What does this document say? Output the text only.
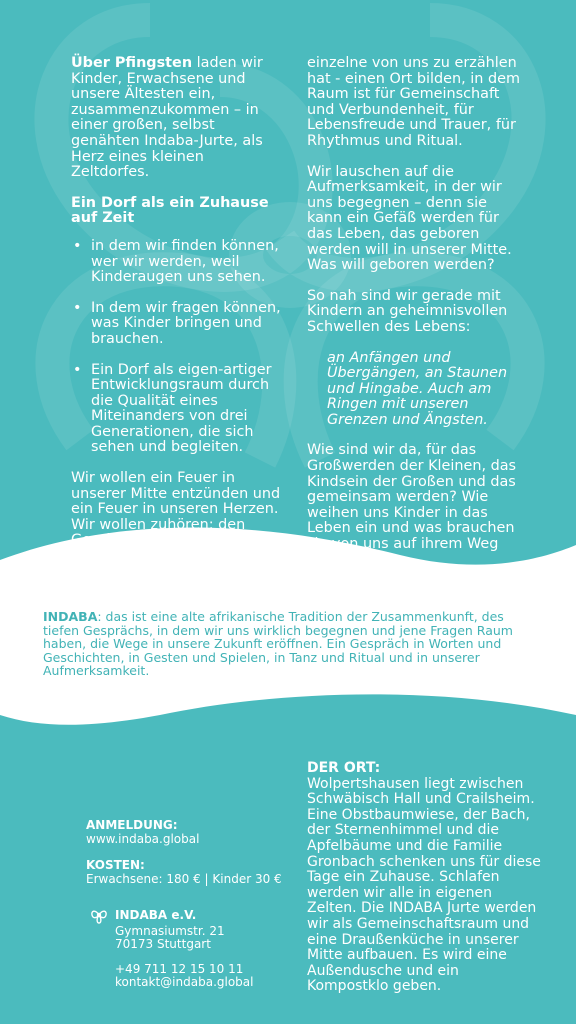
Über Pfingsten laden wir Kinder, Erwachsene und unsere Ältesten ein, zusammenzukommen – in einer großen, selbst genähten Indaba-Jurte, als Herz eines kleinen Zeltdorfes.

Ein Dorf als ein Zuhause auf Zeit
• in dem wir finden können, wer wir werden, weil Kinderaugen uns sehen.
• In dem wir fragen können, was Kinder bringen und brauchen.
• Ein Dorf als eigen-artiger Entwicklungsraum durch die Qualität eines Miteinanders von drei Generationen, die sich sehen und begleiten.

Wir wollen ein Feuer in unserer Mitte entzünden und ein Feuer in unseren Herzen. Wir wollen zuhören: den Geschichten, die jeder

einzelne von uns zu erzählen hat - einen Ort bilden, in dem Raum ist für Gemeinschaft und Verbundenheit, für Lebensfreude und Trauer, für Rhythmus und Ritual.

Wir lauschen auf die Aufmerksamkeit, in der wir uns begegnen – denn sie kann ein Gefäß werden für das Leben, das geboren werden will in unserer Mitte. Was will geboren werden?

So nah sind wir gerade mit Kindern an geheimnisvollen Schwellen des Lebens:

an Anfängen und Übergängen, an Staunen und Hingabe. Auch am Ringen mit unseren Grenzen und Ängsten.

Wie sind wir da, für das Großwerden der Kleinen, das Kindsein der Großen und das gemeinsam werden? Wie weihen uns Kinder in das Leben ein und was brauchen sie von uns auf ihrem Weg (nicht)?

INDABA: das ist eine alte afrikanische Tradition der Zusammenkunft, des tiefen Gesprächs, in dem wir uns wirklich begegnen und jene Fragen Raum haben, die Wege in unsere Zukunft eröffnen. Ein Gespräch in Worten und Geschichten, in Gesten und Spielen, in Tanz und Ritual und in unserer Aufmerksamkeit.
ANMELDUNG:
www.indaba.global
KOSTEN:
Erwachsene: 180 € | Kinder 30 €
INDABA e.V.
Gymnasiumstr. 21
70173 Stuttgart
+49 711 12 15 10 11
kontakt@indaba.global
DER ORT:
Wolpertshausen liegt zwischen Schwäbisch Hall und Crailsheim. Eine Obstbaumwiese, der Bach, der Sternenhimmel und die Apfelbäume und die Familie Gronbach schenken uns für diese Tage ein Zuhause. Schlafen werden wir alle in eigenen Zelten. Die INDABA Jurte werden wir als Gemeinschaftsraum und eine Draußenküche in unserer Mitte aufbauen. Es wird eine Außendusche und ein Kompostklo geben.
